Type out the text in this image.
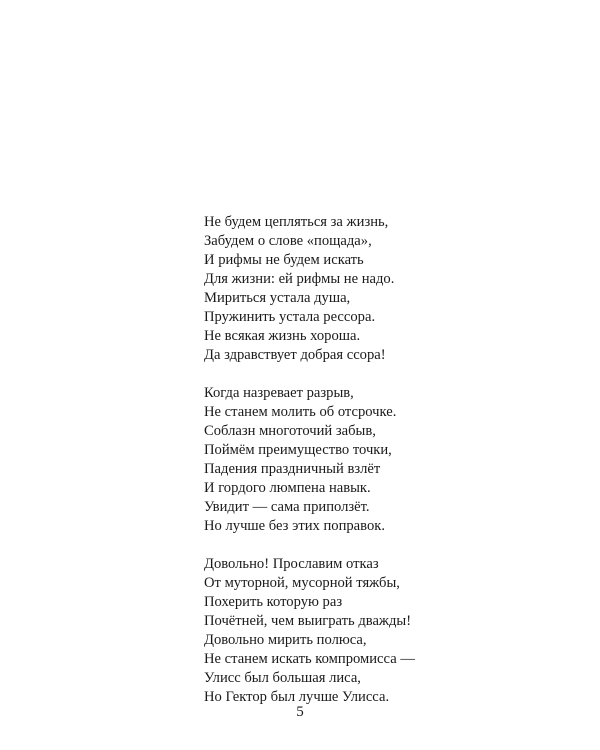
Не будем цепляться за жизнь,
Забудем о слове «пощада»,
И рифмы не будем искать
Для жизни: ей рифмы не надо.
Мириться устала душа,
Пружинить устала рессора.
Не всякая жизнь хороша.
Да здравствует добрая ссора!
Когда назревает разрыв,
Не станем молить об отсрочке.
Соблазн многоточий забыв,
Поймём преимущество точки,
Падения праздничный взлёт
И гордого люмпена навык.
Увидит — сама приползёт.
Но лучше без этих поправок.
Довольно! Прославим отказ
От муторной, мусорной тяжбы,
Похерить которую раз
Почётней, чем выиграть дважды!
Довольно мирить полюса,
Не станем искать компромисса —
Улисс был большая лиса,
Но Гектор был лучше Улисса.
5
